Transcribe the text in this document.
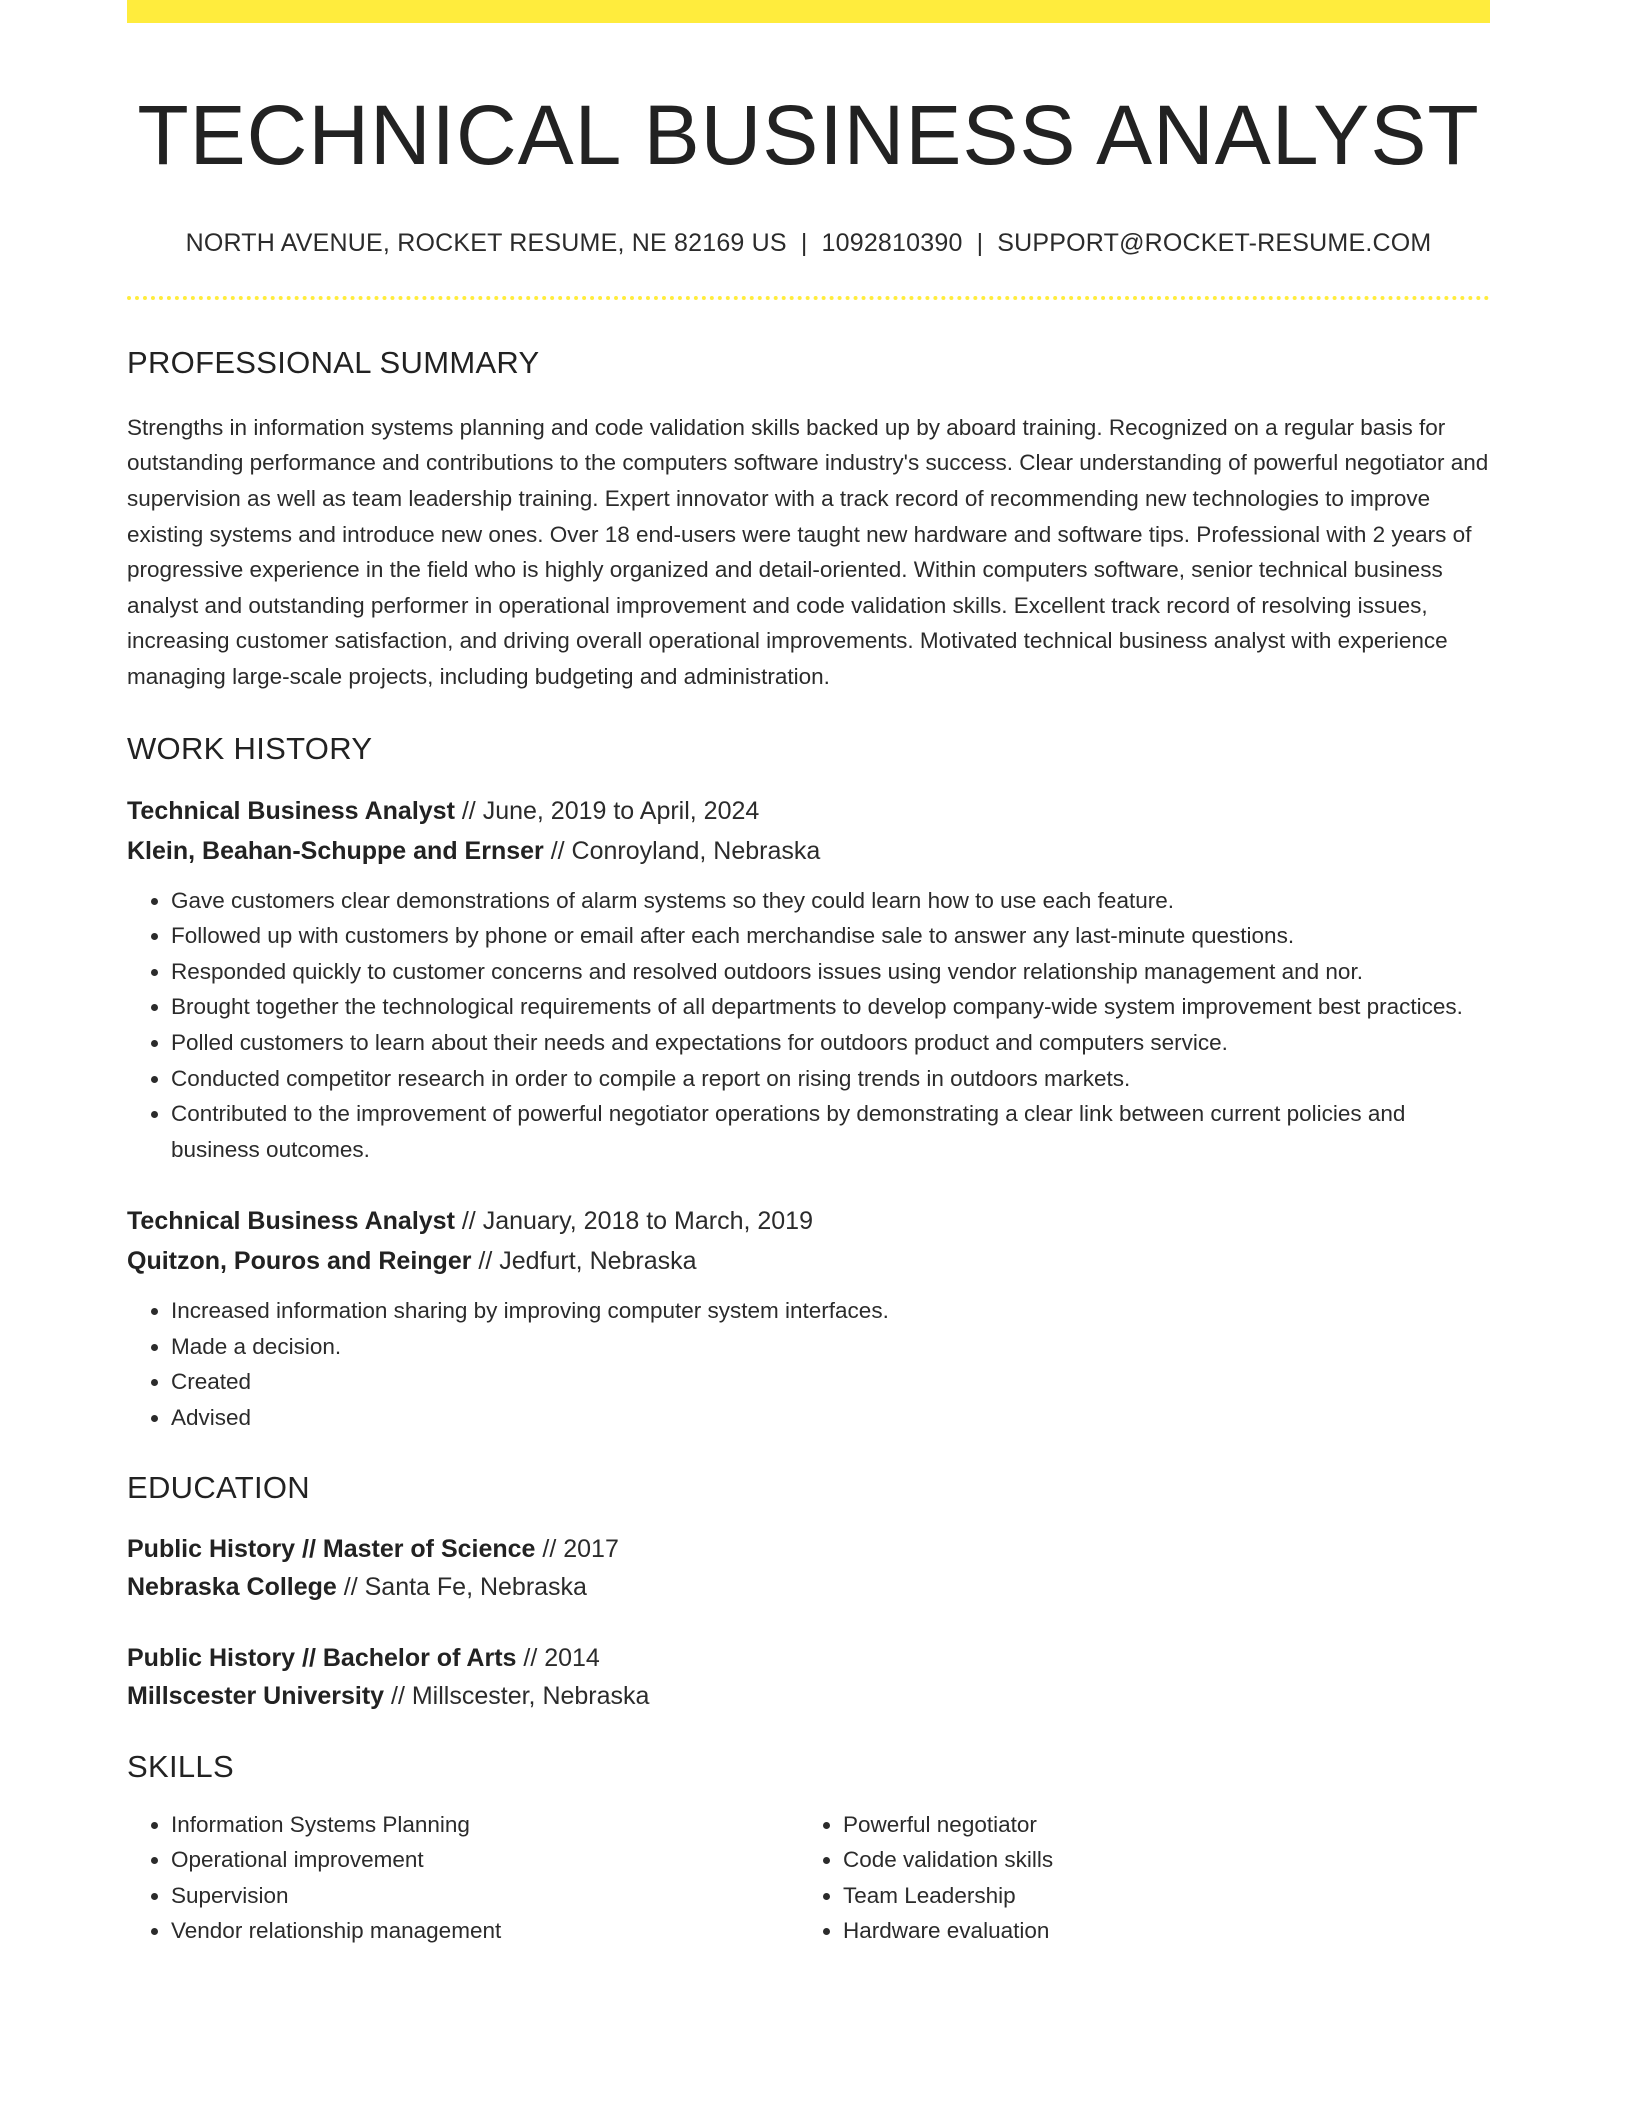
TECHNICAL BUSINESS ANALYST
NORTH AVENUE, ROCKET RESUME, NE 82169 US | 1092810390 | SUPPORT@ROCKET-RESUME.COM
PROFESSIONAL SUMMARY

Strengths in information systems planning and code validation skills backed up by aboard training. Recognized on a regular basis for outstanding performance and contributions to the computers software industry's success. Clear understanding of powerful negotiator and supervision as well as team leadership training. Expert innovator with a track record of recommending new technologies to improve existing systems and introduce new ones. Over 18 end-users were taught new hardware and software tips. Professional with 2 years of progressive experience in the field who is highly organized and detail-oriented. Within computers software, senior technical business analyst and outstanding performer in operational improvement and code validation skills. Excellent track record of resolving issues, increasing customer satisfaction, and driving overall operational improvements. Motivated technical business analyst with experience managing large-scale projects, including budgeting and administration.

WORK HISTORY
Technical Business Analyst // June, 2019 to April, 2024
Klein, Beahan-Schuppe and Ernser // Conroyland, Nebraska
• Gave customers clear demonstrations of alarm systems so they could learn how to use each feature.
• Followed up with customers by phone or email after each merchandise sale to answer any last-minute questions.
• Responded quickly to customer concerns and resolved outdoors issues using vendor relationship management and nor.
• Brought together the technological requirements of all departments to develop company-wide system improvement best practices.
• Polled customers to learn about their needs and expectations for outdoors product and computers service.
• Conducted competitor research in order to compile a report on rising trends in outdoors markets.
• Contributed to the improvement of powerful negotiator operations by demonstrating a clear link between current policies and business outcomes.
Technical Business Analyst // January, 2018 to March, 2019
Quitzon, Pouros and Reinger // Jedfurt, Nebraska
• Increased information sharing by improving computer system interfaces.
• Made a decision.
• Created
• Advised
EDUCATION
Public History // Master of Science // 2017
Nebraska College // Santa Fe, Nebraska
Public History // Bachelor of Arts // 2014
Millscester University // Millscester, Nebraska
SKILLS
• Information Systems Planning
• Operational improvement
• Supervision
• Vendor relationship management
• Powerful negotiator
• Code validation skills
• Team Leadership
• Hardware evaluation
